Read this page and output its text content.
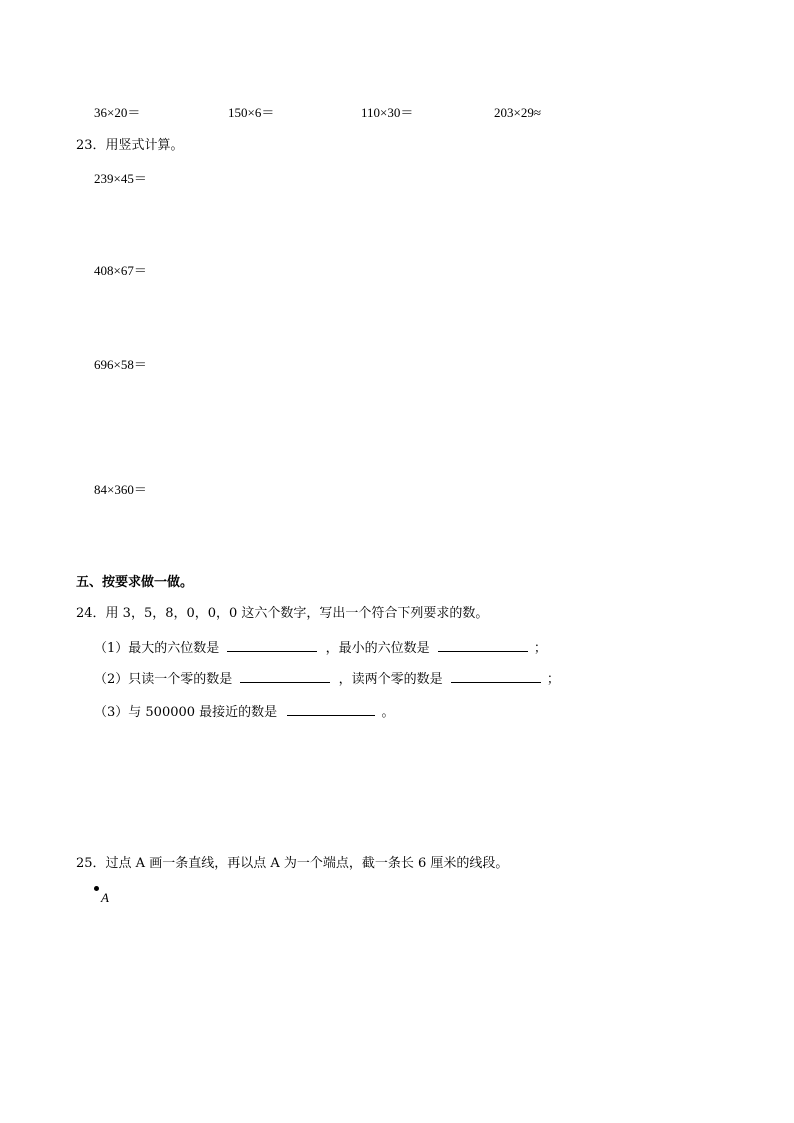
36×20＝	150×6＝	110×30＝	203×29≈
23．用竖式计算。
239×45＝
408×67＝
696×58＝
84×360＝
五、按要求做一做。
24．用 3，5，8，0，0，0 这六个数字，写出一个符合下列要求的数。
（1）最大的六位数是	，最小的六位数是	；
（2）只读一个零的数是	，读两个零的数是	；
（3）与 500000 最接近的数是	。
25．过点 A 画一条直线，再以点 A 为一个端点，截一条长 6 厘米的线段。
A
